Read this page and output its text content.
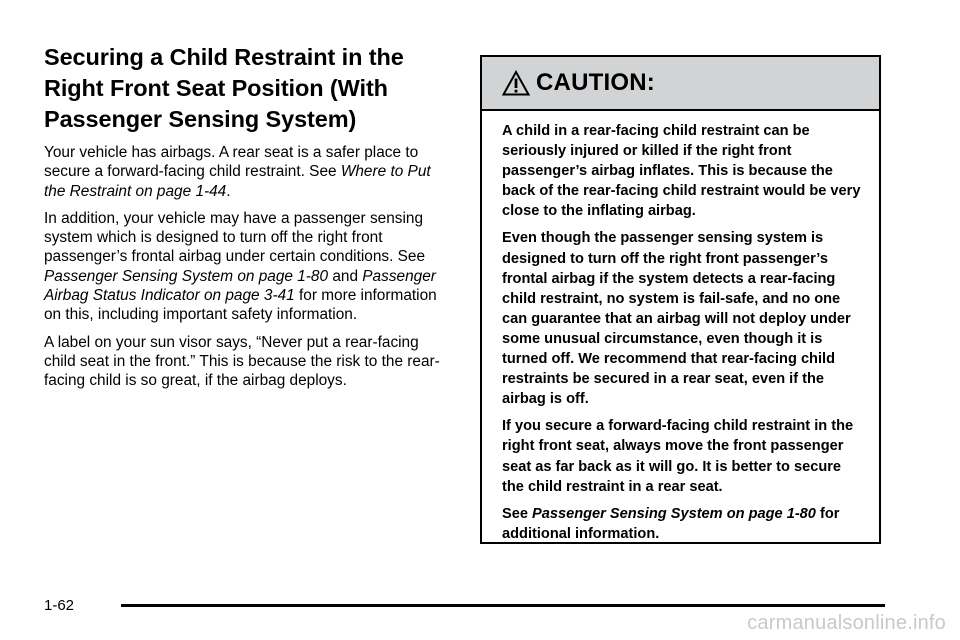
Securing a Child Restraint in the
Right Front Seat Position (With
Passenger Sensing System)

Your vehicle has airbags. A rear seat is a safer place to secure a forward-facing child restraint. See Where to Put the Restraint on page 1-44.

In addition, your vehicle may have a passenger sensing system which is designed to turn off the right front passenger’s frontal airbag under certain conditions. See Passenger Sensing System on page 1-80 and Passenger Airbag Status Indicator on page 3-41 for more information on this, including important safety information.

A label on your sun visor says, “Never put a rear-facing child seat in the front.” This is because the risk to the rear-facing child is so great, if the airbag deploys.

CAUTION:

A child in a rear-facing child restraint can be seriously injured or killed if the right front passenger’s airbag inflates. This is because the back of the rear-facing child restraint would be very close to the inflating airbag.

Even though the passenger sensing system is designed to turn off the right front passenger’s frontal airbag if the system detects a rear-facing child restraint, no system is fail-safe, and no one can guarantee that an airbag will not deploy under some unusual circumstance, even though it is turned off. We recommend that rear-facing child restraints be secured in a rear seat, even if the airbag is off.

If you secure a forward-facing child restraint in the right front seat, always move the front passenger seat as far back as it will go. It is better to secure the child restraint in a rear seat.

See Passenger Sensing System on page 1-80 for additional information.

1-62
carmanualsonline.info
